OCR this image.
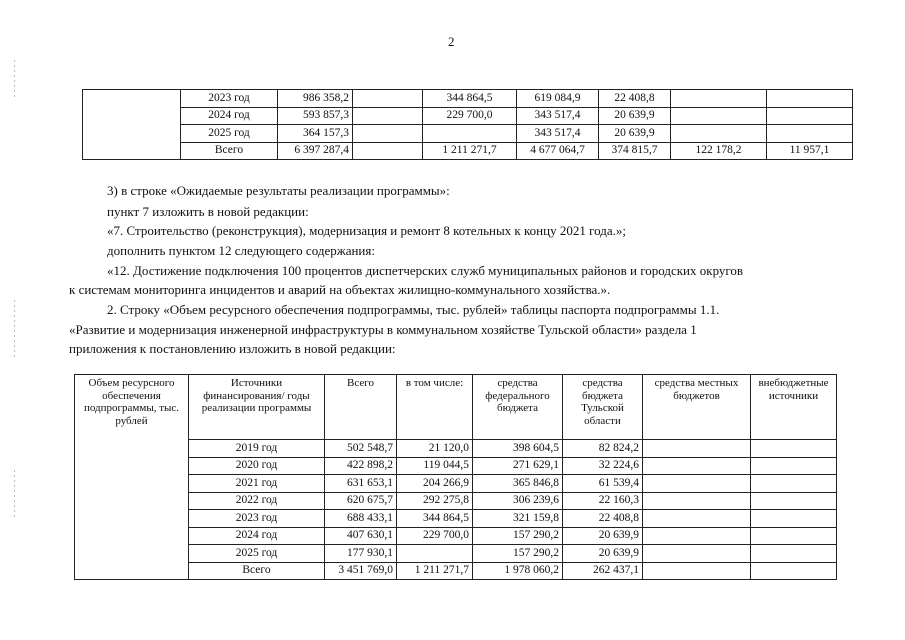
2
	2023 год	986 358,2		344 864,5	619 084,9	22 408,8		
	2024 год	593 857,3		229 700,0	343 517,4	20 639,9		
	2025 год	364 157,3			343 517,4	20 639,9		
	Всего	6 397 287,4		1 211 271,7	4 677 064,7	374 815,7	122 178,2	11 957,1
3) в строке «Ожидаемые результаты реализации программы»:
пункт 7 изложить в новой редакции:
«7. Строительство (реконструкция), модернизация и ремонт 8 котельных к концу 2021 года.»;
дополнить пунктом 12 следующего содержания:
«12. Достижение подключения 100 процентов диспетчерских служб муниципальных районов и городских округов
к системам мониторинга инцидентов и аварий на объектах жилищно-коммунального хозяйства.».
2. Строку «Объем ресурсного обеспечения подпрограммы, тыс. рублей» таблицы паспорта подпрограммы 1.1.
«Развитие и модернизация инженерной инфраструктуры в коммунальном хозяйстве Тульской области» раздела 1
приложения к постановлению изложить в новой редакции:
Объем ресурсного обеспечения подпрограммы, тыс. рублей	Источники финансирования/ годы реализации программы	Всего	в том числе:	средства федерального бюджета	средства бюджета Тульской области	средства местных бюджетов	внебюджетные источники
	2019 год	502 548,7	21 120,0	398 604,5	82 824,2		
	2020 год	422 898,2	119 044,5	271 629,1	32 224,6		
	2021 год	631 653,1	204 266,9	365 846,8	61 539,4		
	2022 год	620 675,7	292 275,8	306 239,6	22 160,3		
	2023 год	688 433,1	344 864,5	321 159,8	22 408,8		
	2024 год	407 630,1	229 700,0	157 290,2	20 639,9		
	2025 год	177 930,1		157 290,2	20 639,9		
	Всего	3 451 769,0	1 211 271,7	1 978 060,2	262 437,1		
